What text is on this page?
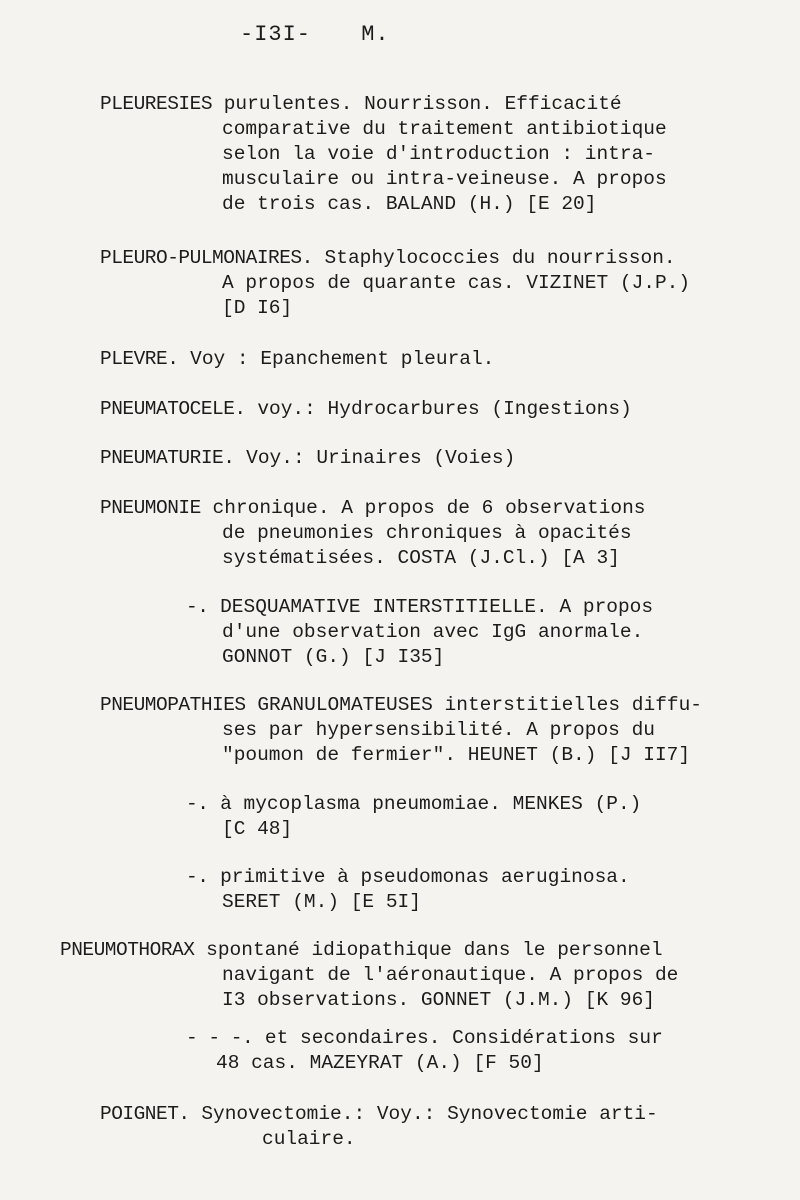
-I3I- M.
PLEURESIES purulentes. Nourrisson. Efficacité
comparative du traitement antibiotique
selon la voie d'introduction : intra-
musculaire ou intra-veineuse. A propos
de trois cas. BALAND (H.) [E 20]
PLEURO-PULMONAIRES. Staphylococcies du nourrisson.
A propos de quarante cas. VIZINET (J.P.)
[D I6]
PLEVRE. Voy : Epanchement pleural.
PNEUMATOCELE. voy.: Hydrocarbures (Ingestions)
PNEUMATURIE. Voy.: Urinaires (Voies)
PNEUMONIE chronique. A propos de 6 observations
de pneumonies chroniques à opacités
systématisées. COSTA (J.Cl.) [A 3]
-. DESQUAMATIVE INTERSTITIELLE. A propos
d'une observation avec IgG anormale.
GONNOT (G.) [J I35]
PNEUMOPATHIES GRANULOMATEUSES interstitielles diffu-
ses par hypersensibilité. A propos du
"poumon de fermier". HEUNET (B.) [J II7]
-. à mycoplasma pneumomiae. MENKES (P.)
[C 48]
-. primitive à pseudomonas aeruginosa.
SERET (M.) [E 5I]
PNEUMOTHORAX spontané idiopathique dans le personnel
navigant de l'aéronautique. A propos de
I3 observations. GONNET (J.M.) [K 96]
- - -. et secondaires. Considérations sur
48 cas. MAZEYRAT (A.) [F 50]
POIGNET. Synovectomie.: Voy.: Synovectomie arti-
culaire.
